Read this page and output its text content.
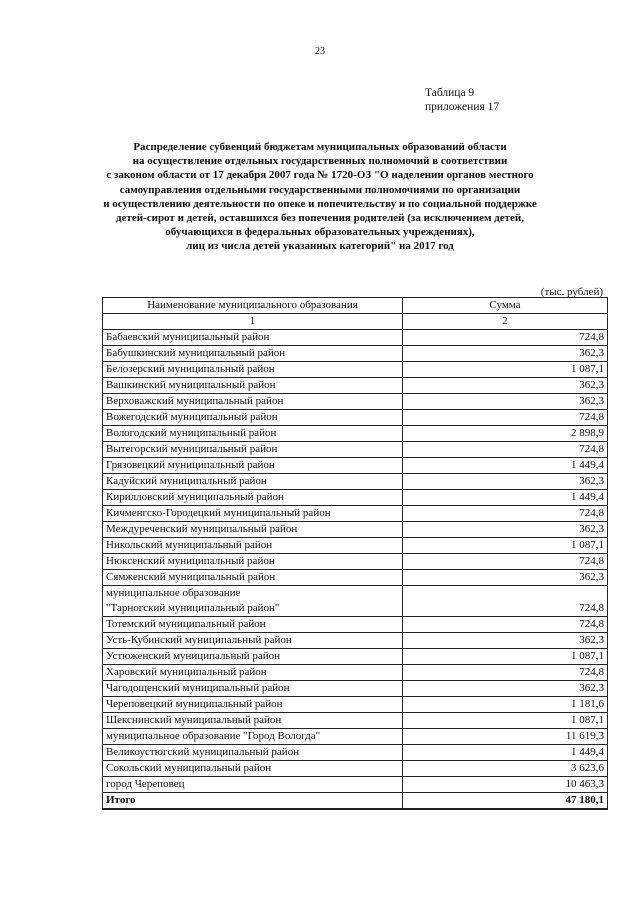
23
Таблица 9
приложения 17
Распределение субвенций бюджетам муниципальных образований области
на осуществление отдельных государственных полномочий в соответствии
с законом области от 17 декабря 2007 года № 1720-ОЗ "О наделении органов местного
самоуправления отдельными государственными полномочиями по организации
и осуществлению деятельности по опеке и попечительству и по социальной поддержке
детей-сирот и детей, оставшихся без попечения родителей (за исключением детей,
обучающихся в федеральных образовательных учреждениях),
лиц из числа детей указанных категорий" на 2017 год
(тыс. рублей)
Наименование муниципального образования	Сумма
1	2
Бабаевский муниципальный район	724,8
Бабушкинский муниципальный район	362,3
Белозерский муниципальный район	1 087,1
Вашкинский муниципальный район	362,3
Верховажский муниципальный район	362,3
Вожегодский муниципальный район	724,8
Вологодский муниципальный район	2 898,9
Вытегорский муниципальный район	724,8
Грязовецкий муниципальный район	1 449,4
Кадуйский муниципальный район	362,3
Кирилловский муниципальный район	1 449,4
Кичменгско-Городецкий муниципальный район	724,8
Междуреченский муниципальный район	362,3
Никольский муниципальный район	1 087,1
Нюксенский муниципальный район	724,8
Сямженский муниципальный район	362,3
муниципальное образование
"Тарногский муниципальный район"	724,8
Тотемский муниципальный район	724,8
Усть-Кубинский муниципальный район	362,3
Устюженский муниципальный район	1 087,1
Харовский муниципальный район	724,8
Чагодощенский муниципальный район	362,3
Череповецкий муниципальный район	1 181,6
Шекснинский муниципальный район	1 087,1
муниципальное образование "Город Вологда"	11 619,3
Великоустюгский муниципальный район	1 449,4
Сокольский муниципальный район	3 623,6
город Череповец	10 463,3
Итого	47 180,1
